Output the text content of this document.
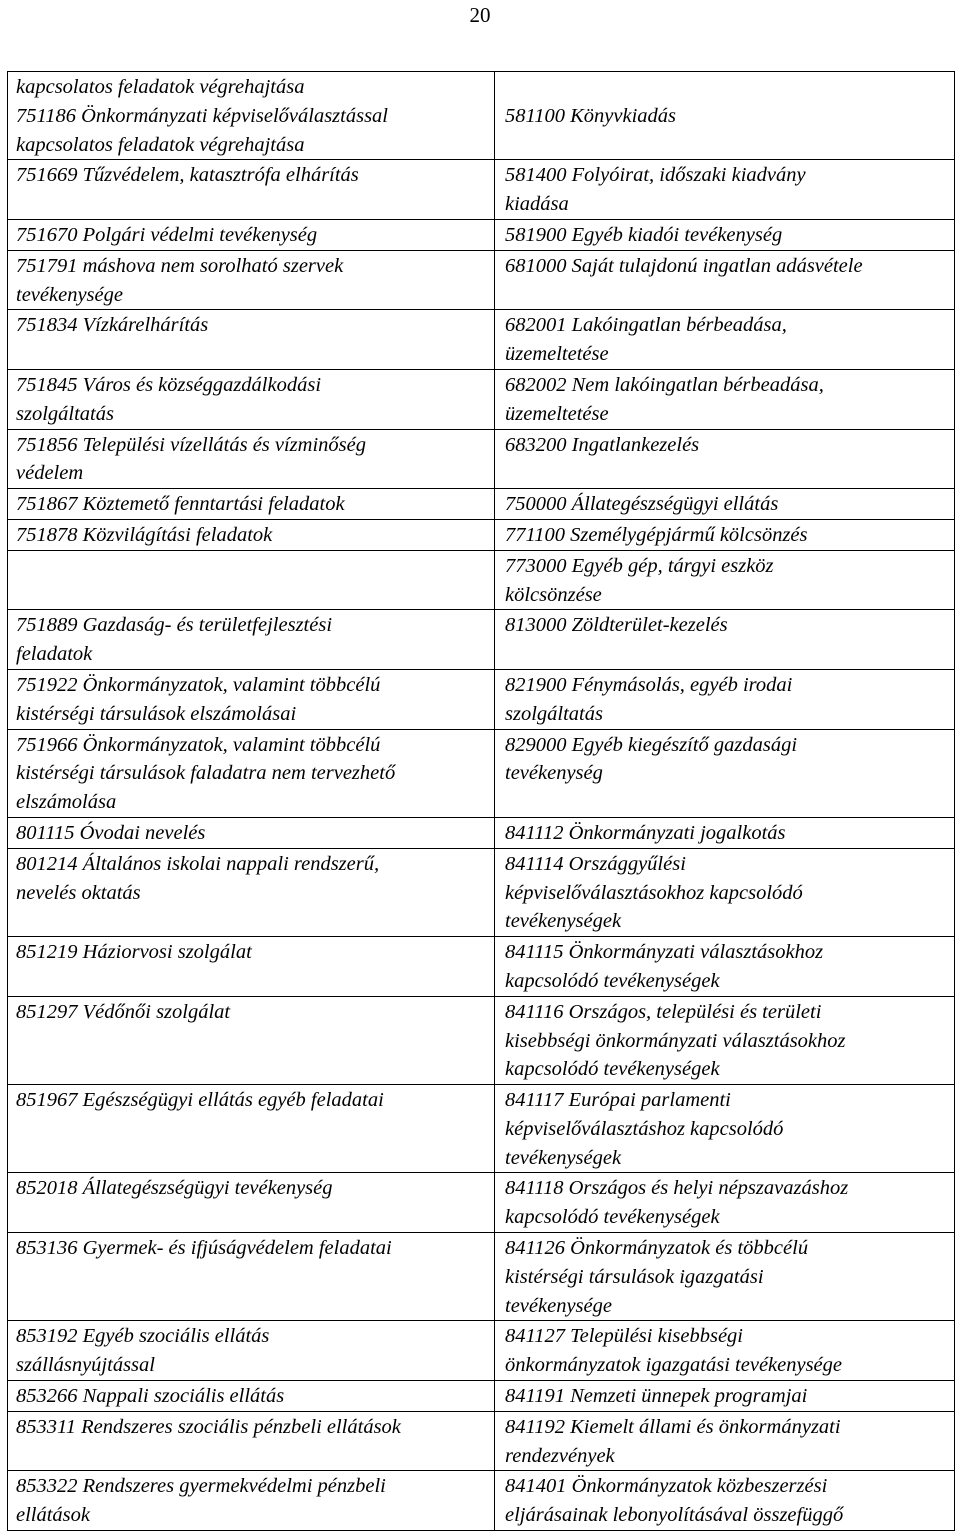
20
kapcsolatos feladatok végrehajtása
751186 Önkormányzati képviselőválasztással
kapcsolatos feladatok végrehajtása	581100 Könyvkiadás
751669 Tűzvédelem, katasztrófa elhárítás	581400 Folyóirat, időszaki kiadvány
kiadása
751670 Polgári védelmi tevékenység	581900 Egyéb kiadói tevékenység
751791 máshova nem sorolható szervek
tevékenysége	681000 Saját tulajdonú ingatlan adásvétele
751834 Vízkárelhárítás	682001 Lakóingatlan bérbeadása,
üzemeltetése
751845 Város és községgazdálkodási
szolgáltatás	682002 Nem lakóingatlan bérbeadása,
üzemeltetése
751856 Települési vízellátás és vízminőség
védelem	683200 Ingatlankezelés
751867 Köztemető fenntartási feladatok	750000 Állategészségügyi ellátás
751878 Közvilágítási feladatok	771100 Személygépjármű kölcsönzés
	773000 Egyéb gép, tárgyi eszköz
kölcsönzése
751889 Gazdaság- és területfejlesztési
feladatok	813000 Zöldterület-kezelés
751922 Önkormányzatok, valamint többcélú
kistérségi társulások elszámolásai	821900 Fénymásolás, egyéb irodai
szolgáltatás
751966 Önkormányzatok, valamint többcélú
kistérségi társulások faladatra nem tervezhető
elszámolása	829000 Egyéb kiegészítő gazdasági
tevékenység
801115 Óvodai nevelés	841112 Önkormányzati jogalkotás
801214 Általános iskolai nappali rendszerű,
nevelés oktatás	841114 Országgyűlési
képviselőválasztásokhoz kapcsolódó
tevékenységek
851219 Háziorvosi szolgálat	841115 Önkormányzati választásokhoz
kapcsolódó tevékenységek
851297 Védőnői szolgálat	841116 Országos, települési és területi
kisebbségi önkormányzati választásokhoz
kapcsolódó tevékenységek
851967 Egészségügyi ellátás egyéb feladatai	841117 Európai parlamenti
képviselőválasztáshoz kapcsolódó
tevékenységek
852018 Állategészségügyi tevékenység	841118 Országos és helyi népszavazáshoz
kapcsolódó tevékenységek
853136 Gyermek- és ifjúságvédelem feladatai	841126 Önkormányzatok és többcélú
kistérségi társulások igazgatási
tevékenysége
853192 Egyéb szociális ellátás
szállásnyújtással	841127 Települési kisebbségi
önkormányzatok igazgatási tevékenysége
853266 Nappali szociális ellátás	841191 Nemzeti ünnepek programjai
853311 Rendszeres szociális pénzbeli ellátások	841192 Kiemelt állami és önkormányzati
rendezvények
853322 Rendszeres gyermekvédelmi pénzbeli
ellátások	841401 Önkormányzatok közbeszerzési
eljárásainak lebonyolításával összefüggő
